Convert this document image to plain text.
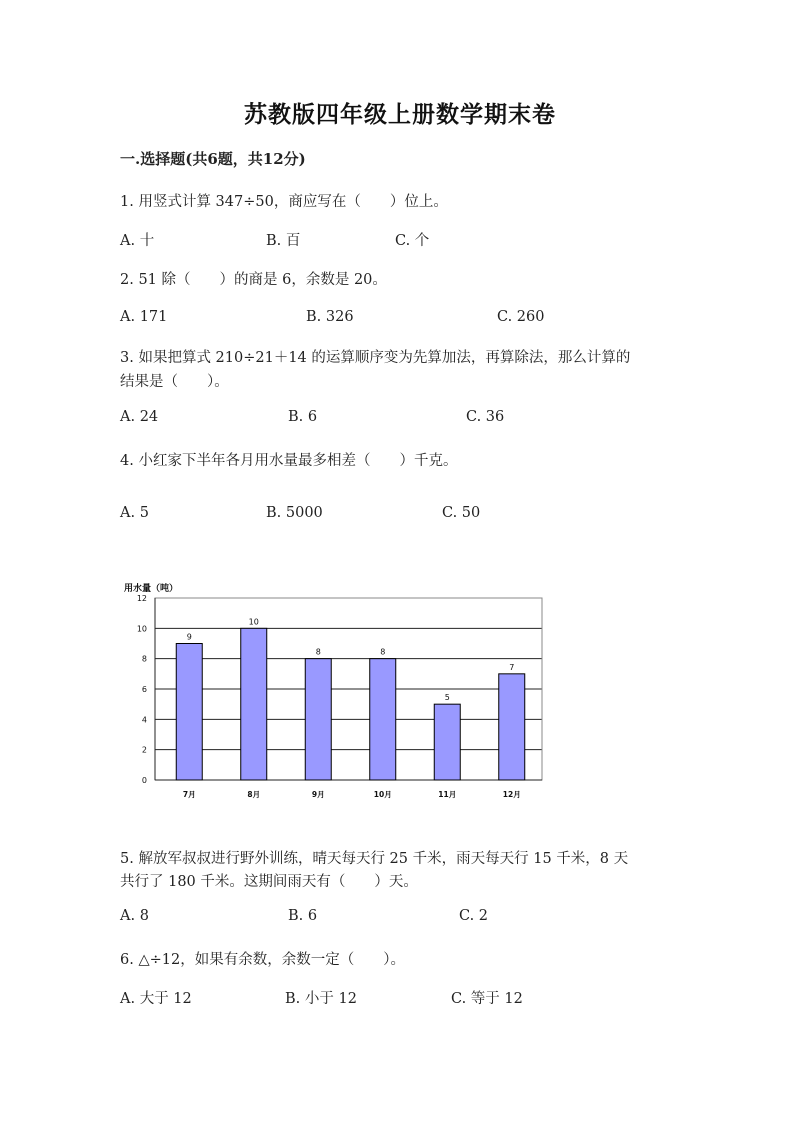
苏教版四年级上册数学期末卷
一.选择题(共6题，共12分)
1. 用竖式计算 347÷50，商应写在（　　）位上。
A. 十	B. 百	C. 个
2. 51 除（　　）的商是 6，余数是 20。
A. 171	B. 326	C. 260
3. 如果把算式 210÷21＋14 的运算顺序变为先算加法，再算除法，那么计算的
结果是（　　）。
A. 24	B. 6	C. 36
4. 小红家下半年各月用水量最多相差（　　）千克。
A. 5	B. 5000	C. 50
用水量（吨）
0
2
4
6
8
10
12
9
7月
10
8月
8
9月
8
10月
5
11月
7
12月
5. 解放军叔叔进行野外训练，晴天每天行 25 千米，雨天每天行 15 千米，8 天
共行了 180 千米。这期间雨天有（　　）天。
A. 8	B. 6	C. 2
6. △÷12，如果有余数，余数一定（　　）。
A. 大于 12	B. 小于 12	C. 等于 12
